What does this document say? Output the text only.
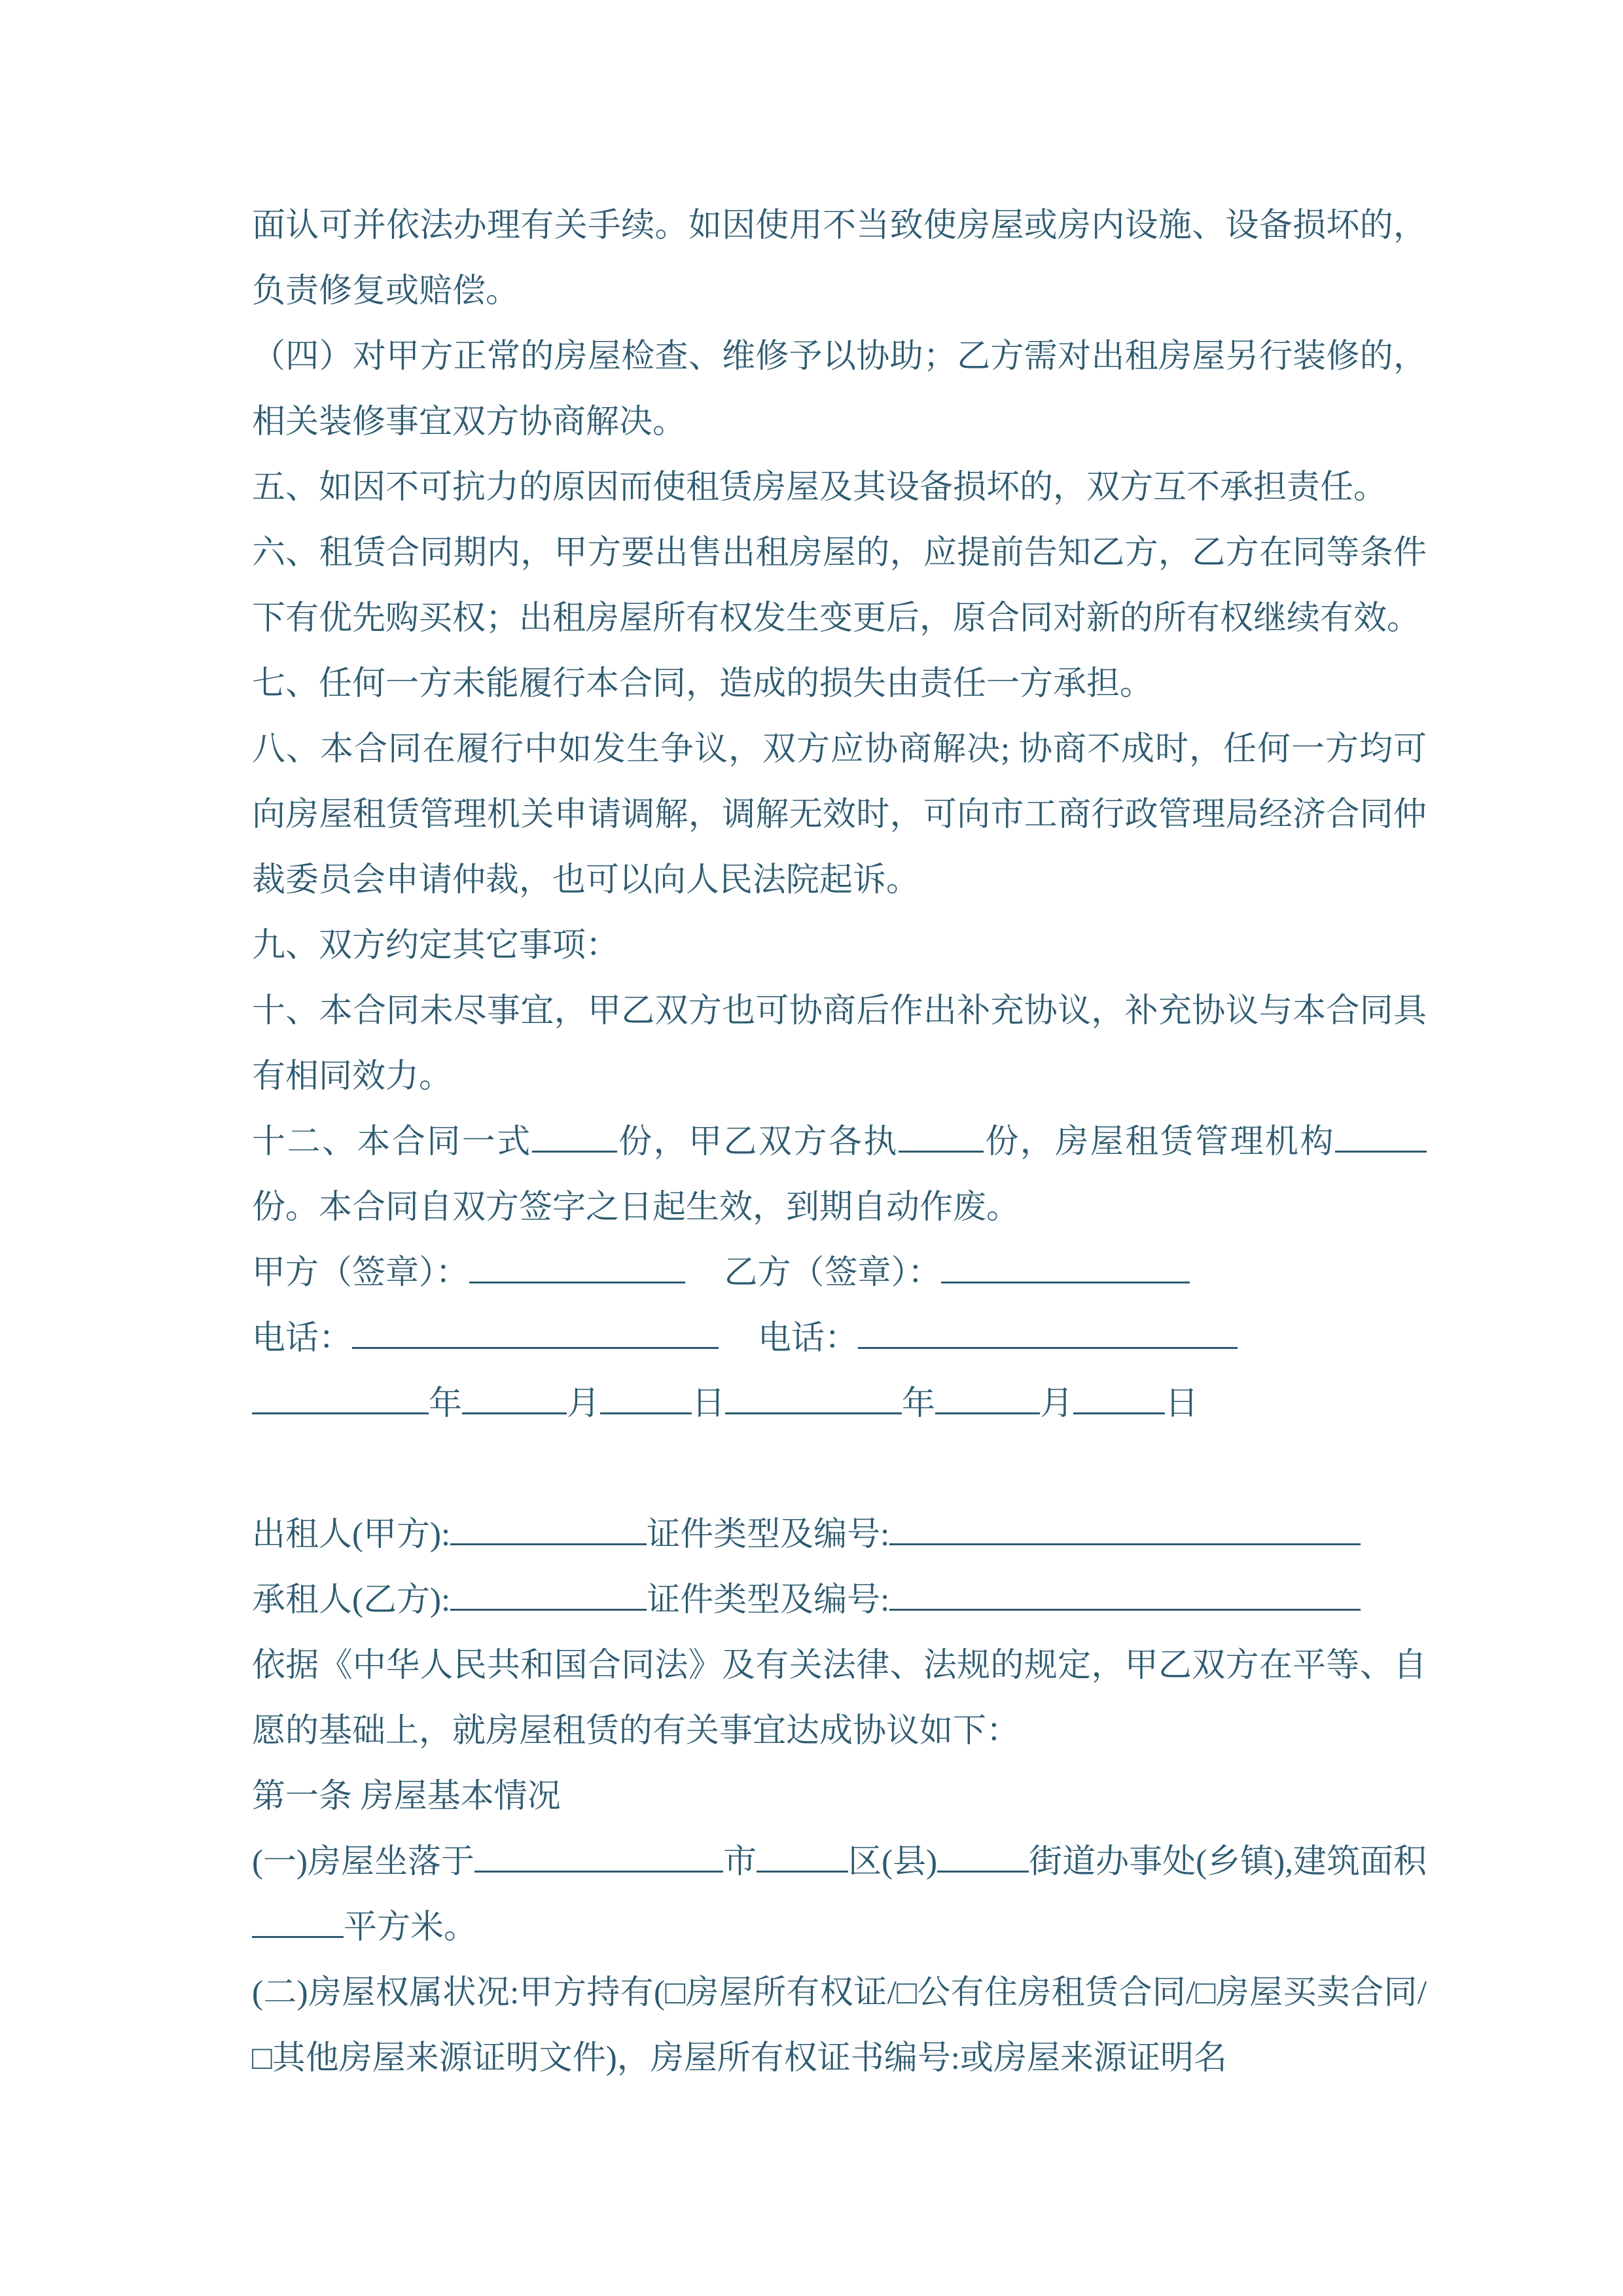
面认可并依法办理有关手续。如因使用不当致使房屋或房内设施、设备损坏的，负责修复或赔偿。

（四）对甲方正常的房屋检查、维修予以协助；乙方需对出租房屋另行装修的，相关装修事宜双方协商解决。

五、如因不可抗力的原因而使租赁房屋及其设备损坏的，双方互不承担责任。

六、租赁合同期内，甲方要出售出租房屋的，应提前告知乙方，乙方在同等条件下有优先购买权；出租房屋所有权发生变更后，原合同对新的所有权继续有效。

七、任何一方未能履行本合同，造成的损失由责任一方承担。

八、本合同在履行中如发生争议，双方应协商解决; 协商不成时，任何一方均可向房屋租赁管理机关申请调解，调解无效时，可向市工商行政管理局经济合同仲裁委员会申请仲裁，也可以向人民法院起诉。

九、双方约定其它事项：

十、本合同未尽事宜，甲乙双方也可协商后作出补充协议，补充协议与本合同具有相同效力。

十二、本合同一式	份，甲乙双方各执	份，房屋租赁管理机构份。本合同自双方签字之日起生效，到期自动作废。

甲方（签章）：	乙方（签章）：

电话：	电话：

年	月	日	年	月	日

出租人(甲方):	证件类型及编号:

承租人(乙方):	证件类型及编号:

依据《中华人民共和国合同法》及有关法律、法规的规定，甲乙双方在平等、自愿的基础上，就房屋租赁的有关事宜达成协议如下：

第一条 房屋基本情况

(一)房屋坐落于	市	区(县)	街道办事处(乡镇),建筑面积平方米。

(二)房屋权属状况:甲方持有(□房屋所有权证/□公有住房租赁合同/□房屋买卖合同/□其他房屋来源证明文件)，房屋所有权证书编号:或房屋来源证明名
